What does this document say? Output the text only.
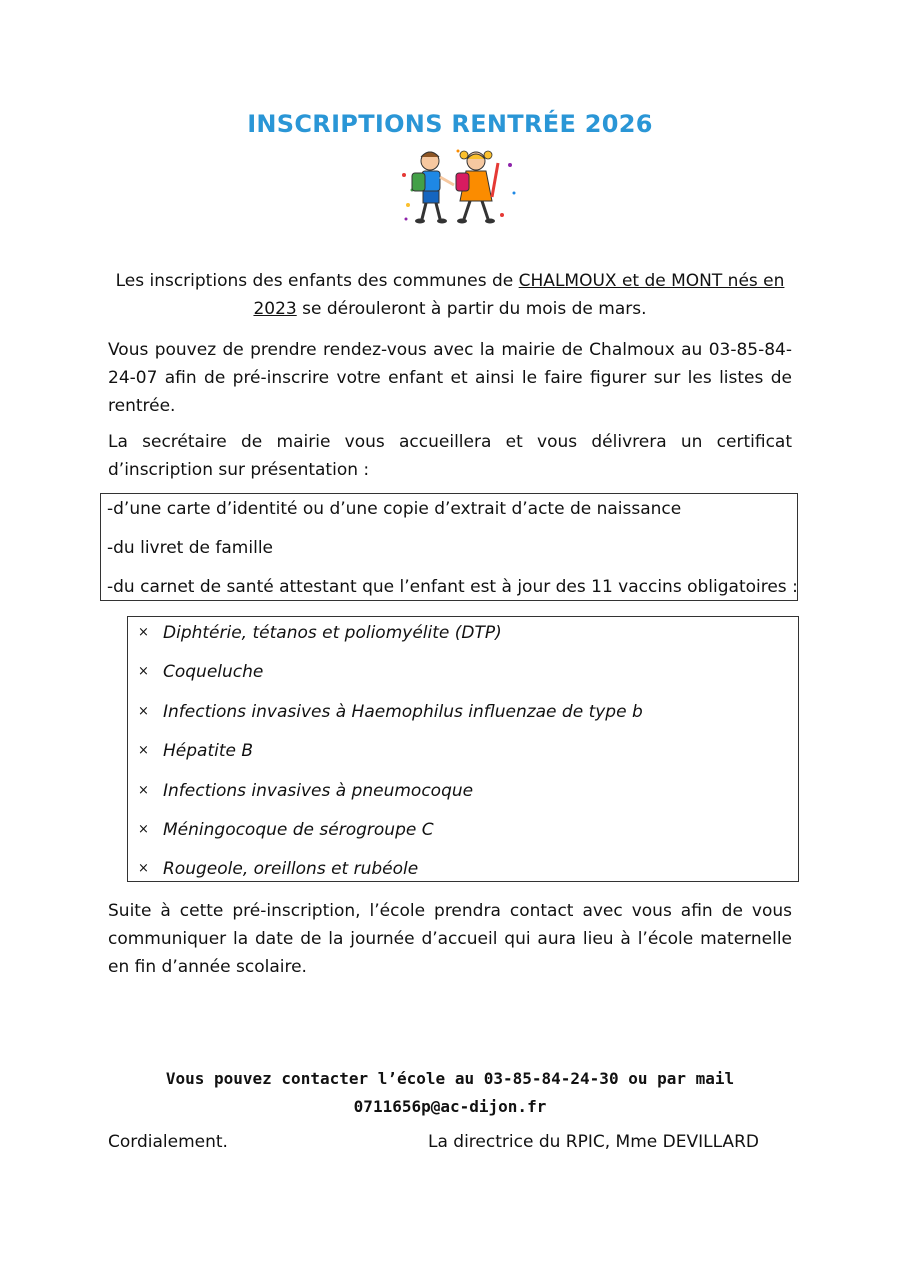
INSCRIPTIONS RENTRÉE 2026
Les inscriptions des enfants des communes de CHALMOUX et de MONT nés en
2023 se dérouleront à partir du mois de mars.
Vous pouvez de prendre rendez-vous avec la mairie de Chalmoux au 03-85-84-24-07 afin de pré-inscrire votre enfant et ainsi le faire figurer sur les listes de rentrée.
La secrétaire de mairie vous accueillera et vous délivrera un certificat d’inscription sur présentation :
-d’une carte d’identité ou d’une copie d’extrait d’acte de naissance
-du livret de famille
-du carnet de santé attestant que l’enfant est à jour des 11 vaccins obligatoires :
× Diphtérie, tétanos et poliomyélite (DTP)
× Coqueluche
× Infections invasives à Haemophilus influenzae de type b
× Hépatite B
× Infections invasives à pneumocoque
× Méningocoque de sérogroupe C
× Rougeole, oreillons et rubéole
Suite à cette pré-inscription, l’école prendra contact avec vous afin de vous communiquer la date de la journée d’accueil qui aura lieu à l’école maternelle en fin d’année scolaire.
Vous pouvez contacter l’école au 03-85-84-24-30 ou par mail
0711656p@ac-dijon.fr
Cordialement.	La directrice du RPIC, Mme DEVILLARD
